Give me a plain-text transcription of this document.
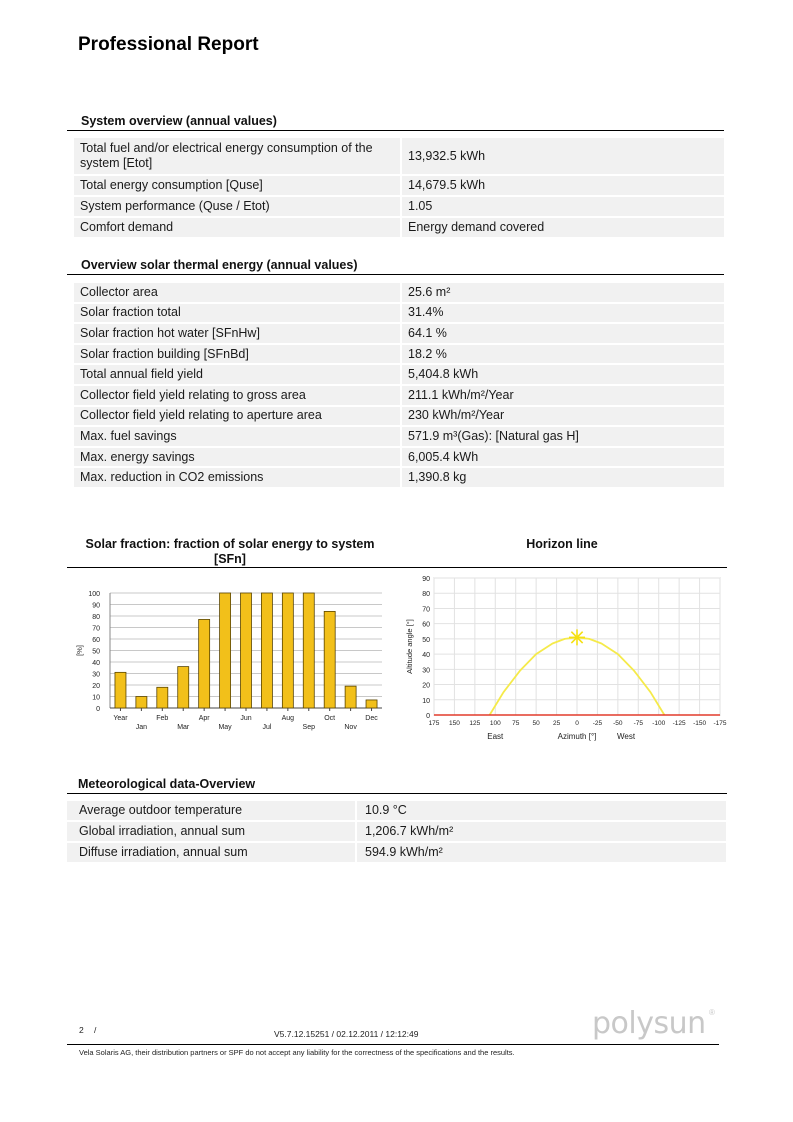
Professional Report
System overview (annual values)
Total fuel and/or electrical energy consumption of the system [Etot]	13,932.5 kWh
Total energy consumption [Quse]	14,679.5 kWh
System performance (Quse / Etot)	1.05
Comfort demand	Energy demand covered
Overview solar thermal energy (annual values)
Collector area	25.6 m²
Solar fraction total	31.4%
Solar fraction hot water [SFnHw]	64.1 %
Solar fraction building [SFnBd]	18.2 %
Total annual field yield	5,404.8 kWh
Collector field yield relating to gross area	211.1 kWh/m²/Year
Collector field yield relating to aperture area	230 kWh/m²/Year
Max. fuel savings	571.9 m³(Gas): [Natural gas H]
Max. energy savings	6,005.4 kWh
Max. reduction in CO2 emissions	1,390.8 kg
Solar fraction: fraction of solar energy to system [SFn]
Horizon line
0
10
20
30
40
50
60
70
80
90
100
[%]
Year
Jan
Feb
Mar
Apr
May
Jun
Jul
Aug
Sep
Oct
Nov
Dec	0
10
20
30
40
50
60
70
80
90
175 150 125 100 75 50 25 0 -25 -50 -75 -100 -125 -150 -175
Altitude angle [°]
Azimuth [°]
East	West
Meteorological data-Overview
Average outdoor temperature	10.9 °C
Global irradiation, annual sum	1,206.7 kWh/m²
Diffuse irradiation, annual sum	594.9 kWh/m²
2 /	V5.7.12.15251 / 02.12.2011 / 12:12:49	polysun ®
Vela Solaris AG, their distribution partners or SPF do not accept any liability for the correctness of the specifications and the results.
